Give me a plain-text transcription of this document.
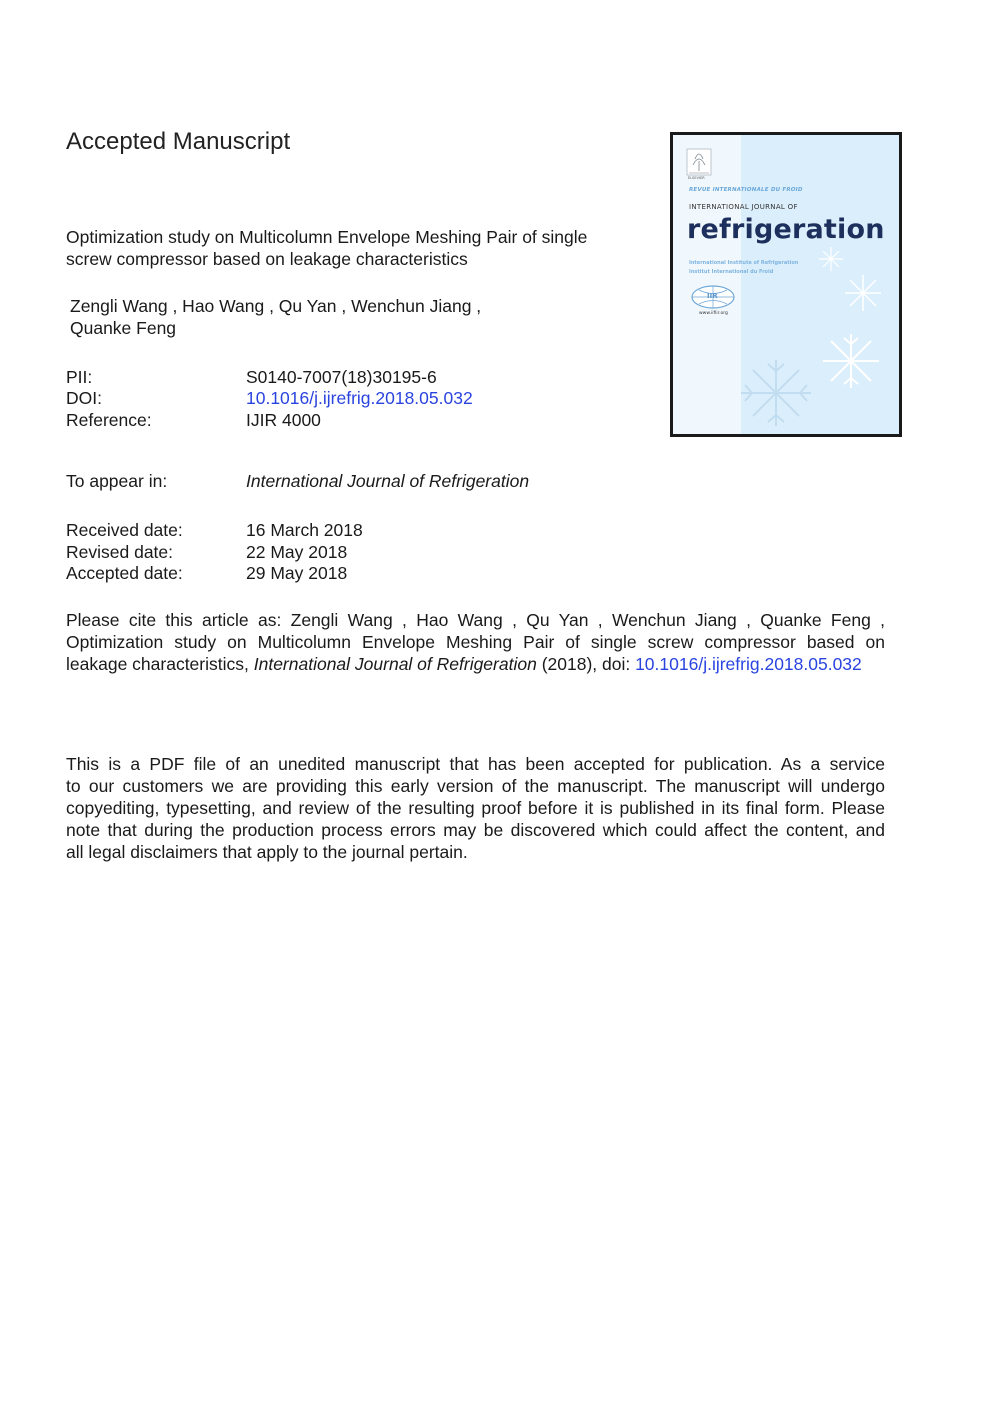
Accepted Manuscript
Optimization study on Multicolumn Envelope Meshing Pair of single
screw compressor based on leakage characteristics
Zengli Wang , Hao Wang , Qu Yan , Wenchun Jiang ,
Quanke Feng
PII:	S0140-7007(18)30195-6
DOI:	10.1016/j.ijrefrig.2018.05.032
Reference:	IJIR 4000
To appear in:	International Journal of Refrigeration
Received date:	16 March 2018
Revised date:	22 May 2018
Accepted date:	29 May 2018
Please cite this article as: Zengli Wang , Hao Wang , Qu Yan , Wenchun Jiang , Quanke Feng ,
Optimization study on Multicolumn Envelope Meshing Pair of single screw compressor based on
leakage characteristics, International Journal of Refrigeration (2018), doi: 10.1016/j.ijrefrig.2018.05.032
This is a PDF file of an unedited manuscript that has been accepted for publication. As a service
to our customers we are providing this early version of the manuscript. The manuscript will undergo
copyediting, typesetting, and review of the resulting proof before it is published in its final form. Please
note that during the production process errors may be discovered which could affect the content, and
all legal disclaimers that apply to the journal pertain.
ELSEVIER
REVUE INTERNATIONALE DU FROID
INTERNATIONAL JOURNAL OF
refrigeration
International Institute of Refrigeration
Institut International du Froid
IIR
www.iifiir.org
